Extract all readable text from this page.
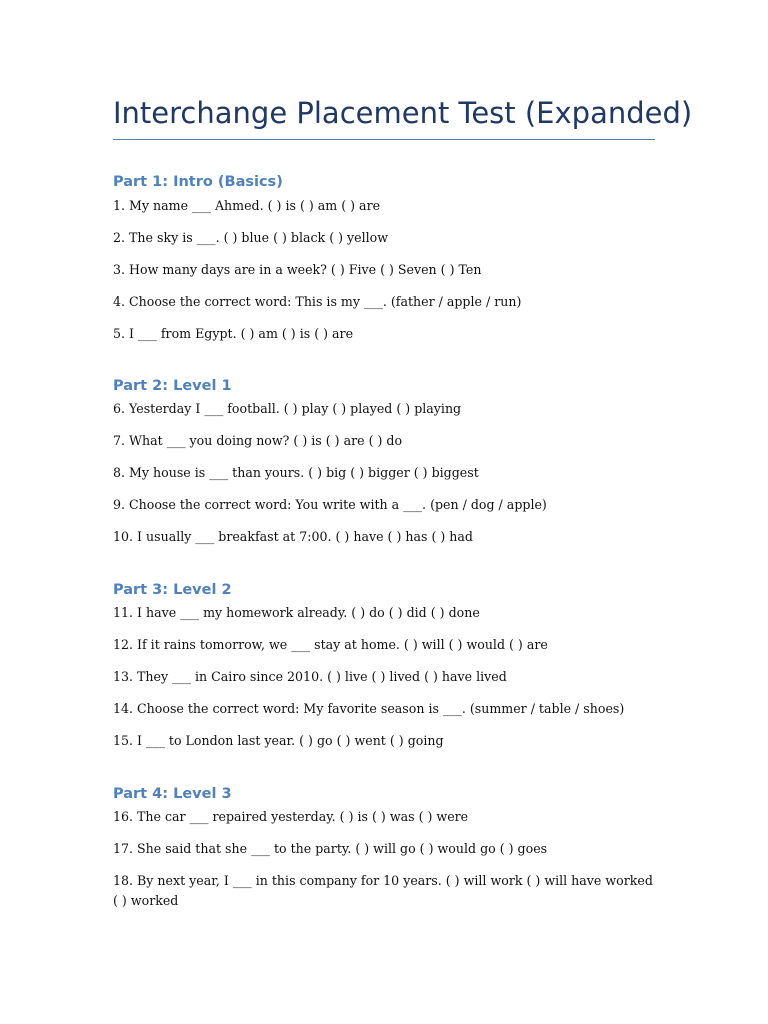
Interchange Placement Test (Expanded)
Part 1: Intro (Basics)

1. My name ___ Ahmed. ( ) is ( ) am ( ) are

2. The sky is ___. ( ) blue ( ) black ( ) yellow

3. How many days are in a week? ( ) Five ( ) Seven ( ) Ten

4. Choose the correct word: This is my ___. (father / apple / run)

5. I ___ from Egypt. ( ) am ( ) is ( ) are

Part 2: Level 1

6. Yesterday I ___ football. ( ) play ( ) played ( ) playing

7. What ___ you doing now? ( ) is ( ) are ( ) do

8. My house is ___ than yours. ( ) big ( ) bigger ( ) biggest

9. Choose the correct word: You write with a ___. (pen / dog / apple)

10. I usually ___ breakfast at 7:00. ( ) have ( ) has ( ) had

Part 3: Level 2

11. I have ___ my homework already. ( ) do ( ) did ( ) done

12. If it rains tomorrow, we ___ stay at home. ( ) will ( ) would ( ) are

13. They ___ in Cairo since 2010. ( ) live ( ) lived ( ) have lived

14. Choose the correct word: My favorite season is ___. (summer / table / shoes)

15. I ___ to London last year. ( ) go ( ) went ( ) going

Part 4: Level 3

16. The car ___ repaired yesterday. ( ) is ( ) was ( ) were

17. She said that she ___ to the party. ( ) will go ( ) would go ( ) goes

18. By next year, I ___ in this company for 10 years. ( ) will work ( ) will have worked ( ) worked
